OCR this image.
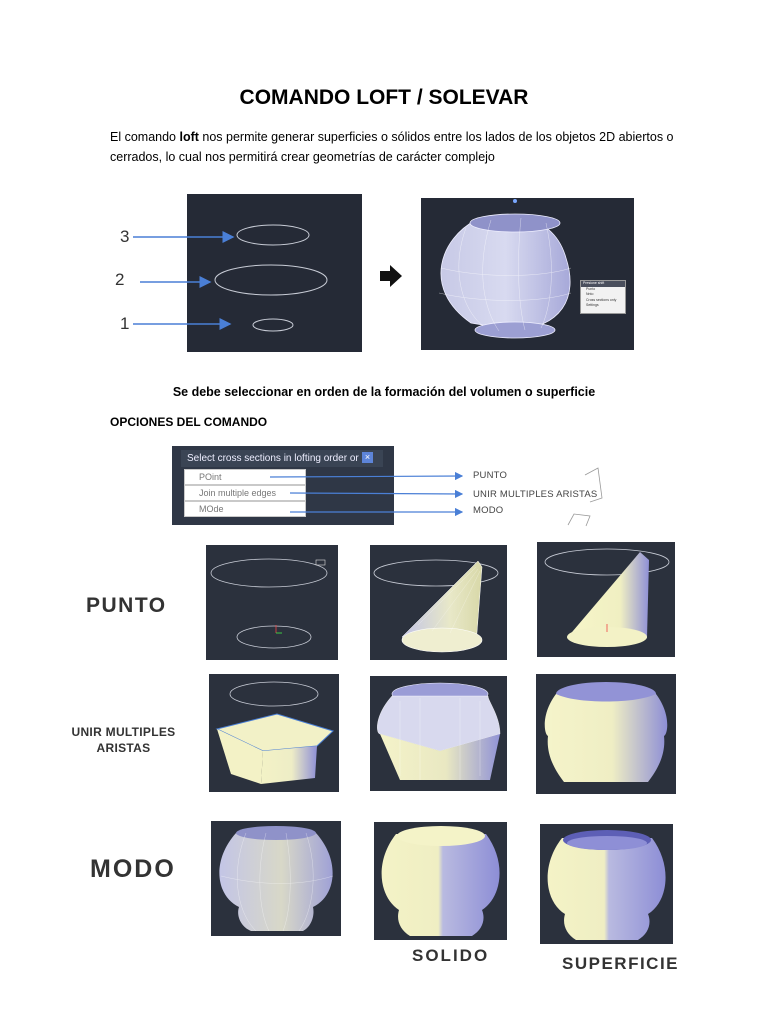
COMANDO LOFT / SOLEVAR
El comando loft nos permite generar superficies o sólidos entre los lados de los objetos 2D abiertos o cerrados, lo cual nos permitirá crear geometrías de carácter complejo
3
2
1
Presione shift
Punto
Nnto
Cross sections only
Settings
Se debe seleccionar en orden de la formación del volumen o superficie
OPCIONES DEL COMANDO
Select cross sections in lofting order or ×
POint
Join multiple edges
MOde
PUNTO
UNIR MULTIPLES ARISTAS
MODO
PUNTO
UNIR MULTIPLES ARISTAS
MODO
SOLIDO	SUPERFICIE
